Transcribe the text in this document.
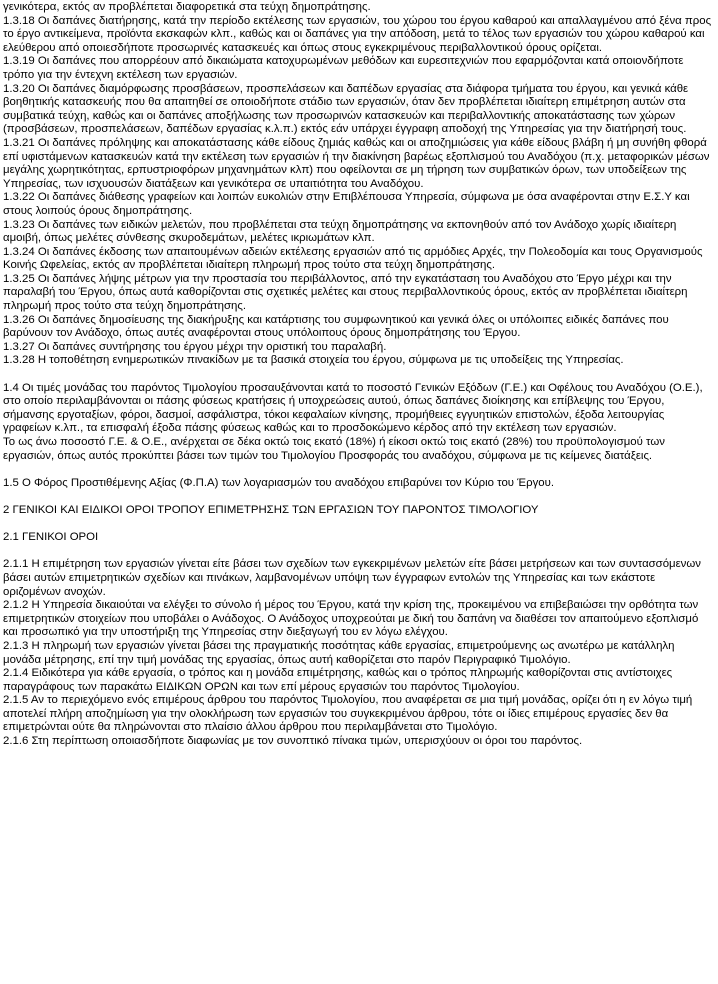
γενικότερα, εκτός αν προβλέπεται διαφορετικά στα τεύχη δημοπράτησης.

1.3.18 Οι δαπάνες διατήρησης, κατά την περίοδο εκτέλεσης των εργασιών, του χώρου του έργου καθαρού και απαλλαγμένου από ξένα προς το έργο αντικείμενα, προϊόντα εκσκαφών κλπ., καθώς και οι δαπάνες για την απόδοση, μετά το τέλος των εργασιών του χώρου καθαρού και ελεύθερου από οποιεσδήποτε προσωρινές κατασκευές και όπως στους εγκεκριμένους περιβαλλοντικού όρους ορίζεται.

1.3.19 Οι δαπάνες που απορρέουν από δικαιώματα κατοχυρωμένων μεθόδων και ευρεσιτεχνιών που εφαρμόζονται κατά οποιονδήποτε τρόπο για την έντεχνη εκτέλεση των εργασιών.

1.3.20 Οι δαπάνες διαμόρφωσης προσβάσεων, προσπελάσεων και δαπέδων εργασίας στα διάφορα τμήματα του έργου, και γενικά κάθε βοηθητικής κατασκευής που θα απαιτηθεί σε οποιοδήποτε στάδιο των εργασιών, όταν δεν προβλέπεται ιδιαίτερη επιμέτρηση αυτών στα συμβατικά τεύχη, καθώς και οι δαπάνες αποξήλωσης των προσωρινών κατασκευών και περιβαλλοντικής αποκατάστασης των χώρων (προσβάσεων, προσπελάσεων, δαπέδων εργασίας κ.λ.π.) εκτός εάν υπάρχει έγγραφη αποδοχή της Υπηρεσίας για την διατήρησή τους.

1.3.21 Οι δαπάνες πρόληψης και αποκατάστασης κάθε είδους ζημιάς καθώς και οι αποζημιώσεις για κάθε είδους βλάβη ή μη συνήθη φθορά επί υφιστάμενων κατασκευών κατά την εκτέλεση των εργασιών ή την διακίνηση βαρέως εξοπλισμού του Αναδόχου (π.χ. μεταφορικών μέσων μεγάλης χωρητικότητας, ερπυστριοφόρων μηχανημάτων κλπ) που οφείλονται σε μη τήρηση των συμβατικών όρων, των υποδείξεων της Υπηρεσίας, των ισχυουσών διατάξεων και γενικότερα σε υπαιτιότητα του Αναδόχου.

1.3.22 Οι δαπάνες διάθεσης γραφείων και λοιπών ευκολιών στην Επιβλέπουσα Υπηρεσία, σύμφωνα με όσα αναφέρονται στην Ε.Σ.Υ και στους λοιπούς όρους δημοπράτησης.

1.3.23 Οι δαπάνες των ειδικών μελετών, που προβλέπεται στα τεύχη δημοπράτησης να εκπονηθούν από τον Ανάδοχο χωρίς ιδιαίτερη αμοιβή, όπως μελέτες σύνθεσης σκυροδεμάτων, μελέτες ικριωμάτων κλπ.

1.3.24 Οι δαπάνες έκδοσης των απαιτουμένων αδειών εκτέλεσης εργασιών από τις αρμόδιες Αρχές, την Πολεοδομία και τους Οργανισμούς Κοινής Ωφελείας, εκτός αν προβλέπεται ιδιαίτερη πληρωμή προς τούτο στα τεύχη δημοπράτησης.

1.3.25 Οι δαπάνες λήψης μέτρων για την προστασία του περιβάλλοντος, από την εγκατάσταση του Αναδόχου στο Έργο μέχρι και την παραλαβή του Έργου, όπως αυτά καθορίζονται στις σχετικές μελέτες και στους περιβαλλοντικούς όρους, εκτός αν προβλέπεται ιδιαίτερη πληρωμή προς τούτο στα τεύχη δημοπράτησης.

1.3.26 Οι δαπάνες δημοσίευσης της διακήρυξης και κατάρτισης του συμφωνητικού και γενικά όλες οι υπόλοιπες ειδικές δαπάνες που βαρύνουν τον Ανάδοχο, όπως αυτές αναφέρονται στους υπόλοιπους όρους δημοπράτησης του Έργου.

1.3.27 Οι δαπάνες συντήρησης του έργου μέχρι την οριστική του παραλαβή.

1.3.28 Η τοποθέτηση ενημερωτικών πινακίδων με τα βασικά στοιχεία του έργου, σύμφωνα με τις υποδείξεις της Υπηρεσίας.

1.4 Οι τιμές μονάδας του παρόντος Τιμολογίου προσαυξάνονται κατά το ποσοστό Γενικών Εξόδων (Γ.Ε.) και Οφέλους του Αναδόχου (Ο.Ε.), στο οποίο περιλαμβάνονται οι πάσης φύσεως κρατήσεις ή υποχρεώσεις αυτού, όπως δαπάνες διοίκησης και επίβλεψης του Έργου, σήμανσης εργοταξίων, φόροι, δασμοί, ασφάλιστρα, τόκοι κεφαλαίων κίνησης, προμήθειες εγγυητικών επιστολών, έξοδα λειτουργίας γραφείων κ.λπ., τα επισφαλή έξοδα πάσης φύσεως καθώς και το προσδοκώμενο κέρδος από την εκτέλεση των εργασιών.

Το ως άνω ποσοστό Γ.Ε. & Ο.Ε., ανέρχεται σε δέκα οκτώ τοις εκατό (18%) ή είκοσι οκτώ τοις εκατό (28%) του προϋπολογισμού των εργασιών, όπως αυτός προκύπτει βάσει των τιμών του Τιμολογίου Προσφοράς του αναδόχου, σύμφωνα με τις κείμενες διατάξεις.

1.5 Ο Φόρος Προστιθέμενης Αξίας (Φ.Π.Α) των λογαριασμών του αναδόχου επιβαρύνει τον Κύριο του Έργου.

2 ΓΕΝΙΚΟΙ ΚΑΙ ΕΙΔΙΚΟΙ ΟΡΟΙ ΤΡΟΠΟΥ ΕΠΙΜΕΤΡΗΣΗΣ ΤΩΝ ΕΡΓΑΣΙΩΝ ΤΟΥ ΠΑΡΟΝΤΟΣ ΤΙΜΟΛΟΓΙΟΥ

2.1 ΓΕΝΙΚΟΙ ΟΡΟΙ

2.1.1 Η επιμέτρηση των εργασιών γίνεται είτε βάσει των σχεδίων των εγκεκριμένων μελετών είτε βάσει μετρήσεων και των συντασσόμενων βάσει αυτών επιμετρητικών σχεδίων και πινάκων, λαμβανομένων υπόψη των έγγραφων εντολών της Υπηρεσίας και των εκάστοτε οριζομένων ανοχών.

2.1.2 Η Υπηρεσία δικαιούται να ελέγξει το σύνολο ή μέρος του Έργου, κατά την κρίση της, προκειμένου να επιβεβαιώσει την ορθότητα των επιμετρητικών στοιχείων που υποβάλει ο Ανάδοχος. Ο Ανάδοχος υποχρεούται με δική του δαπάνη να διαθέσει τον απαιτούμενο εξοπλισμό και προσωπικό για την υποστήριξη της Υπηρεσίας στην διεξαγωγή του εν λόγω ελέγχου.

2.1.3 Η πληρωμή των εργασιών γίνεται βάσει της πραγματικής ποσότητας κάθε εργασίας, επιμετρούμενης ως ανωτέρω με κατάλληλη μονάδα μέτρησης, επί την τιμή μονάδας της εργασίας, όπως αυτή καθορίζεται στο παρόν Περιγραφικό Τιμολόγιο.

2.1.4 Ειδικότερα για κάθε εργασία, ο τρόπος και η μονάδα επιμέτρησης, καθώς και ο τρόπος πληρωμής καθορίζονται στις αντίστοιχες παραγράφους των παρακάτω ΕΙΔΙΚΩΝ ΟΡΩΝ και των επί μέρους εργασιών του παρόντος Τιμολογίου.

2.1.5 Αν το περιεχόμενο ενός επιμέρους άρθρου του παρόντος Τιμολογίου, που αναφέρεται σε μια τιμή μονάδας, ορίζει ότι η εν λόγω τιμή αποτελεί πλήρη αποζημίωση για την ολοκλήρωση των εργασιών του συγκεκριμένου άρθρου, τότε οι ίδιες επιμέρους εργασίες δεν θα επιμετρώνται ούτε θα πληρώνονται στο πλαίσιο άλλου άρθρου που περιλαμβάνεται στο Τιμολόγιο.

2.1.6 Στη περίπτωση οποιασδήποτε διαφωνίας με τον συνοπτικό πίνακα τιμών, υπερισχύουν οι όροι του παρόντος.
